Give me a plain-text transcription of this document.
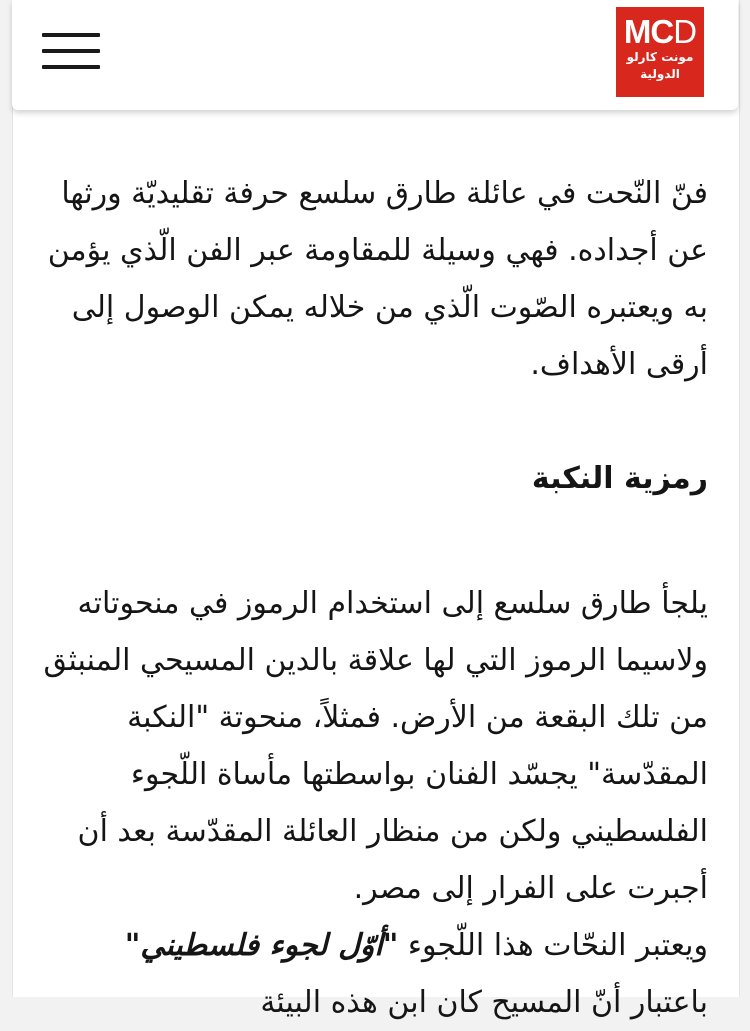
MCD
مونت كارلو
الدولية

فنّ النّحت في عائلة طارق سلسع حرفة تقليديّة ورثها عن أجداده. فهي وسيلة للمقاومة عبر الفن الّذي يؤمن به ويعتبره الصّوت الّذي من خلاله يمكن الوصول إلى أرقى الأهداف.

رمزية النكبة

يلجأ طارق سلسع إلى استخدام الرموز في منحوتاته ولاسيما الرموز التي لها علاقة بالدين المسيحي المنبثق من تلك البقعة من الأرض. فمثلاً، منحوتة "النكبة المقدّسة" يجسّد الفنان بواسطتها مأساة اللّجوء الفلسطيني ولكن من منظار العائلة المقدّسة بعد أن أجبرت على الفرار إلى مصر.

ويعتبر النحّات هذا اللّجوء "أوّل لجوء فلسطيني" باعتبار أنّ المسيح كان ابن هذه البيئة
